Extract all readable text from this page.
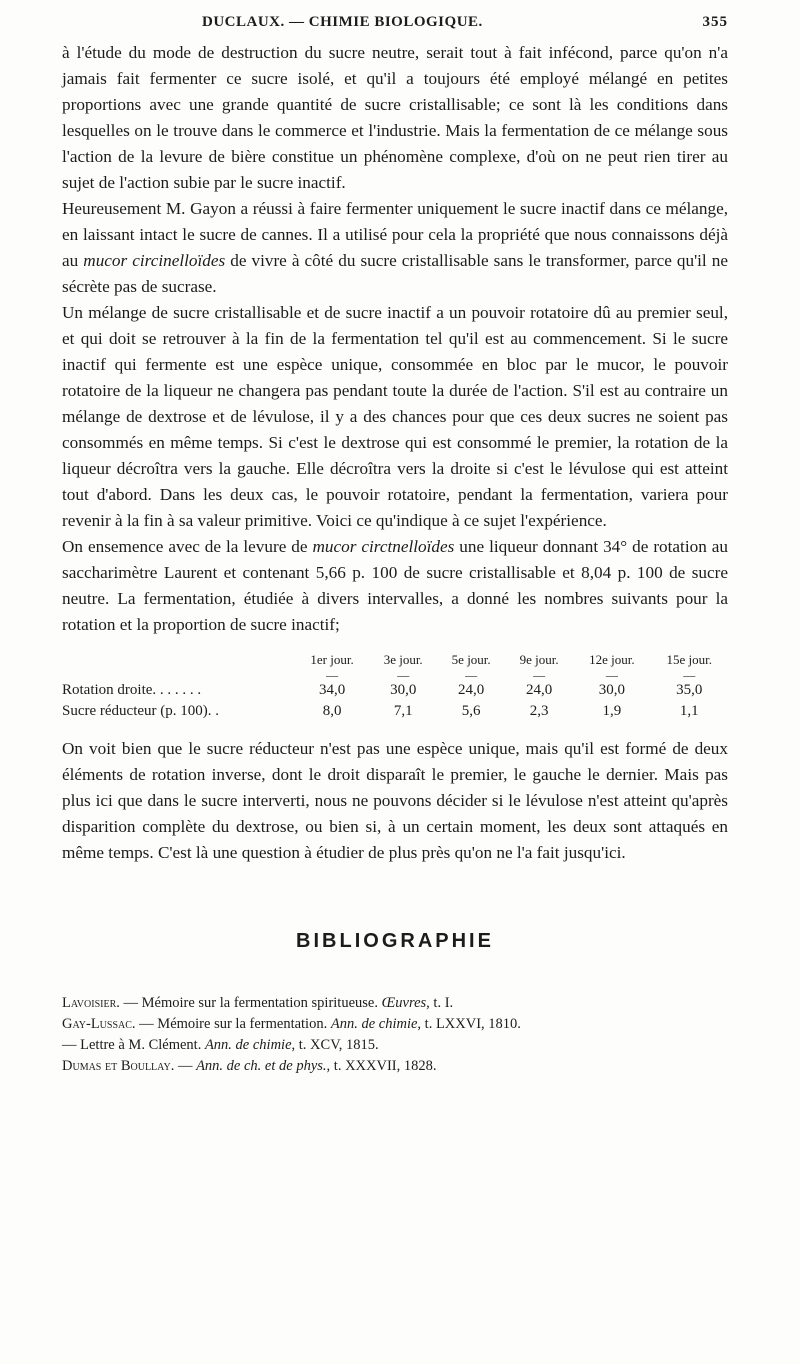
DUCLAUX. — CHIMIE BIOLOGIQUE.	355

à l'étude du mode de destruction du sucre neutre, serait tout à fait infécond, parce qu'on n'a jamais fait fermenter ce sucre isolé, et qu'il a toujours été employé mélangé en petites proportions avec une grande quantité de sucre cristallisable; ce sont là les conditions dans lesquelles on le trouve dans le commerce et l'industrie. Mais la fermentation de ce mélange sous l'action de la levure de bière constitue un phénomène complexe, d'où on ne peut rien tirer au sujet de l'action subie par le sucre inactif.

Heureusement M. Gayon a réussi à faire fermenter uniquement le sucre inactif dans ce mélange, en laissant intact le sucre de cannes. Il a utilisé pour cela la propriété que nous connaissons déjà au mucor circinelloïdes de vivre à côté du sucre cristallisable sans le transformer, parce qu'il ne sécrète pas de sucrase.

Un mélange de sucre cristallisable et de sucre inactif a un pouvoir rotatoire dû au premier seul, et qui doit se retrouver à la fin de la fermentation tel qu'il est au commencement. Si le sucre inactif qui fermente est une espèce unique, consommée en bloc par le mucor, le pouvoir rotatoire de la liqueur ne changera pas pendant toute la durée de l'action. S'il est au contraire un mélange de dextrose et de lévulose, il y a des chances pour que ces deux sucres ne soient pas consommés en même temps. Si c'est le dextrose qui est consommé le premier, la rotation de la liqueur décroîtra vers la gauche. Elle décroîtra vers la droite si c'est le lévulose qui est atteint tout d'abord. Dans les deux cas, le pouvoir rotatoire, pendant la fermentation, variera pour revenir à la fin à sa valeur primitive. Voici ce qu'indique à ce sujet l'expérience.

On ensemence avec de la levure de mucor circtnelloïdes une liqueur donnant 34° de rotation au saccharimètre Laurent et contenant 5,66 p. 100 de sucre cristallisable et 8,04 p. 100 de sucre neutre. La fermentation, étudiée à divers intervalles, a donné les nombres suivants pour la rotation et la proportion de sucre inactif;

	1er jour.	3e jour.	5e jour.	9e jour.	12e jour.	15e jour.
	—	—	—	—	—	—
Rotation droite. . . . . . .	34,0	30,0	24,0	24,0	30,0	35,0
Sucre réducteur (p. 100). .	8,0	7,1	5,6	2,3	1,9	1,1

On voit bien que le sucre réducteur n'est pas une espèce unique, mais qu'il est formé de deux éléments de rotation inverse, dont le droit disparaît le premier, le gauche le dernier. Mais pas plus ici que dans le sucre interverti, nous ne pouvons décider si le lévulose n'est atteint qu'après disparition complète du dextrose, ou bien si, à un certain moment, les deux sont attaqués en même temps. C'est là une question à étudier de plus près qu'on ne l'a fait jusqu'ici.

BIBLIOGRAPHIE
Lavoisier. — Mémoire sur la fermentation spiritueuse. Œuvres, t. I.
Gay-Lussac. — Mémoire sur la fermentation. Ann. de chimie, t. LXXVI, 1810.
— Lettre à M. Clément. Ann. de chimie, t. XCV, 1815.
Dumas et Boullay. — Ann. de ch. et de phys., t. XXXVII, 1828.
